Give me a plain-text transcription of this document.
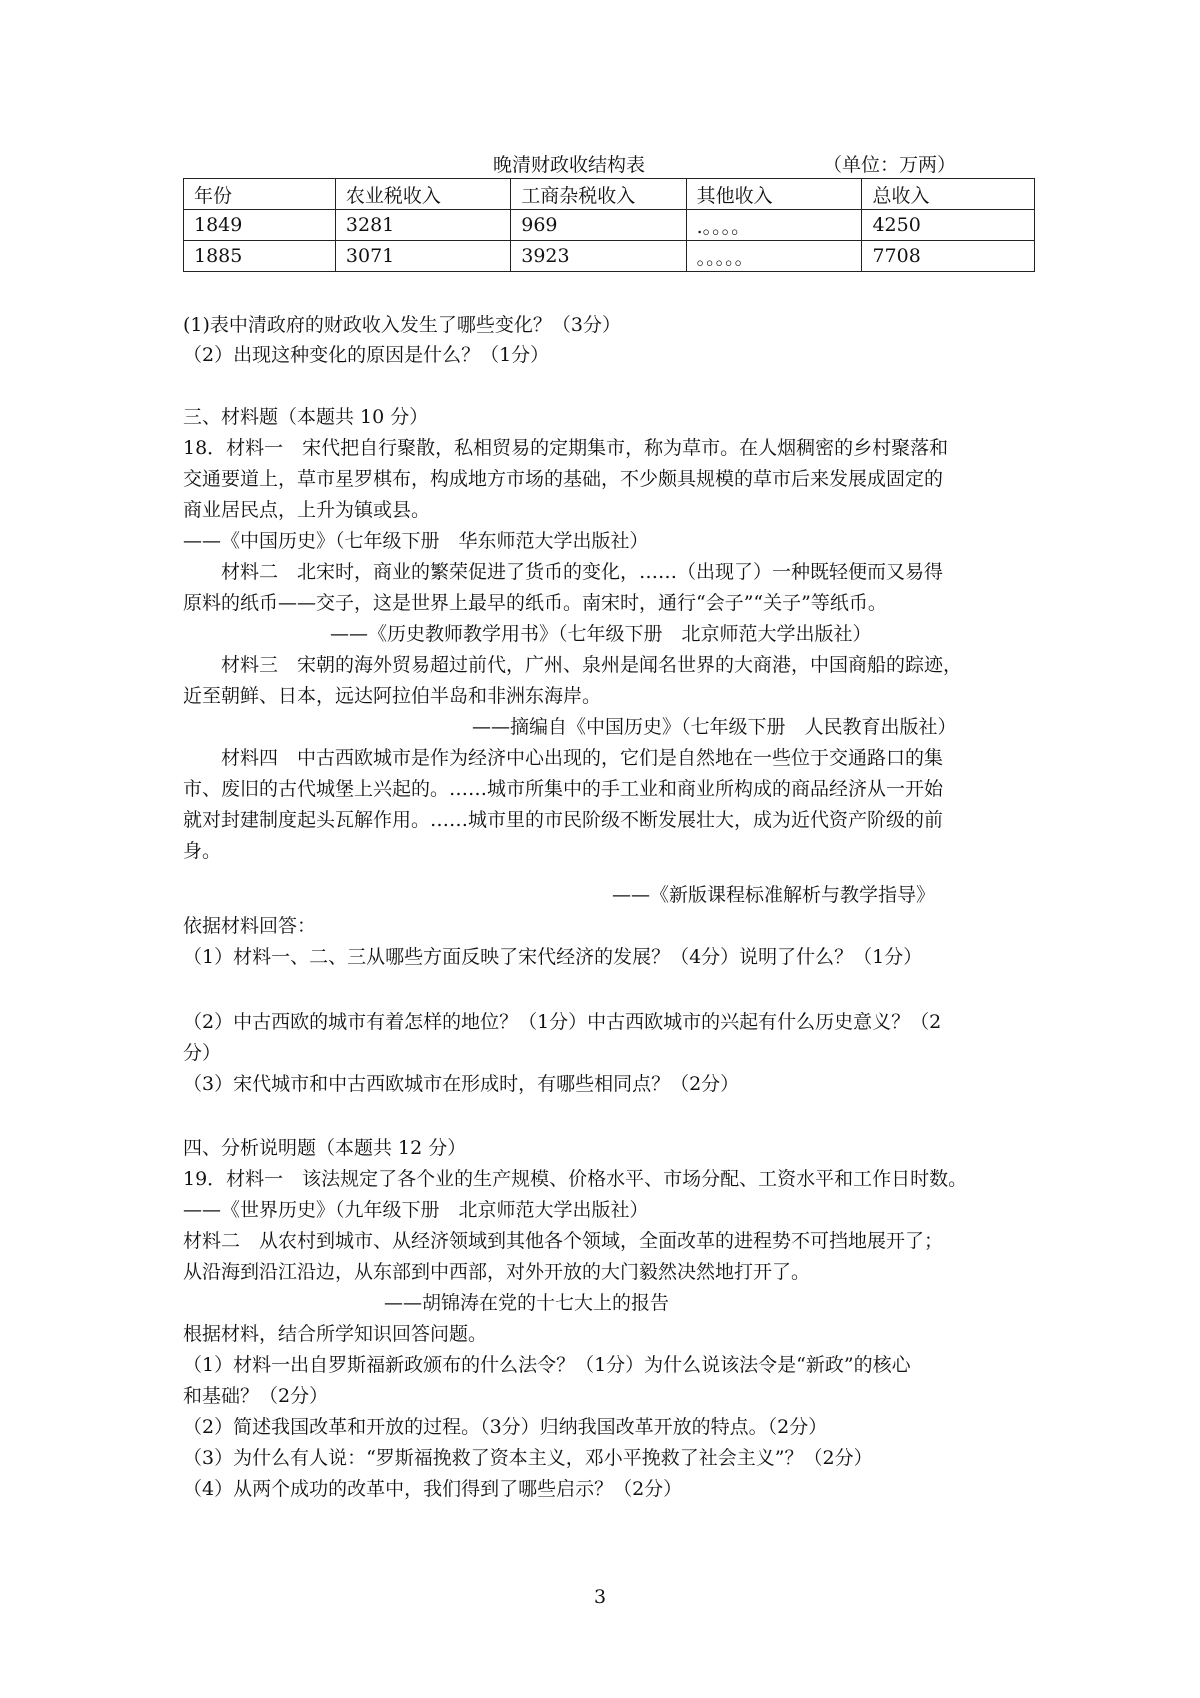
晚清财政收结构表	（单位：万两）
年份	农业税收入	工商杂税收入	其他收入	总收入
1849	3281	969	.。。。。	4250
1885	3071	3923	。。。。。	7708
(1)表中清政府的财政收入发生了哪些变化？（3分）
（2）出现这种变化的原因是什么？（1分）
三、材料题（本题共 10 分）
18．材料一　宋代把自行聚散，私相贸易的定期集市，称为草市。在人烟稠密的乡村聚落和
交通要道上，草市星罗棋布，构成地方市场的基础，不少颇具规模的草市后来发展成固定的
商业居民点，上升为镇或县。
——《中国历史》（七年级下册　华东师范大学出版社）
　　材料二　北宋时，商业的繁荣促进了货币的变化，……（出现了）一种既轻便而又易得
原料的纸币——交子，这是世界上最早的纸币。南宋时，通行“会子”“关子”等纸币。
——《历史教师教学用书》（七年级下册　北京师范大学出版社）
　　材料三　宋朝的海外贸易超过前代，广州、泉州是闻名世界的大商港，中国商船的踪迹，
近至朝鲜、日本，远达阿拉伯半岛和非洲东海岸。
——摘编自《中国历史》（七年级下册　人民教育出版社）
　　材料四　中古西欧城市是作为经济中心出现的，它们是自然地在一些位于交通路口的集
市、废旧的古代城堡上兴起的。……城市所集中的手工业和商业所构成的商品经济从一开始
就对封建制度起头瓦解作用。……城市里的市民阶级不断发展壮大，成为近代资产阶级的前
身。
——《新版课程标准解析与教学指导》
依据材料回答：
（1）材料一、二、三从哪些方面反映了宋代经济的发展？（4分）说明了什么？（1分）
（2）中古西欧的城市有着怎样的地位？（1分）中古西欧城市的兴起有什么历史意义？（2
分）
（3）宋代城市和中古西欧城市在形成时，有哪些相同点？（2分）
四、分析说明题（本题共 12 分）
19．材料一　该法规定了各个业的生产规模、价格水平、市场分配、工资水平和工作日时数。
——《世界历史》（九年级下册　北京师范大学出版社）
材料二　从农村到城市、从经济领域到其他各个领域，全面改革的进程势不可挡地展开了；
从沿海到沿江沿边，从东部到中西部，对外开放的大门毅然决然地打开了。
——胡锦涛在党的十七大上的报告
根据材料，结合所学知识回答问题。
（1）材料一出自罗斯福新政颁布的什么法令？（1分）为什么说该法令是“新政”的核心
和基础？（2分）
（2）简述我国改革和开放的过程。（3分）归纳我国改革开放的特点。（2分）
（3）为什么有人说：“罗斯福挽救了资本主义，邓小平挽救了社会主义”？（2分）
（4）从两个成功的改革中，我们得到了哪些启示？（2分）
3
